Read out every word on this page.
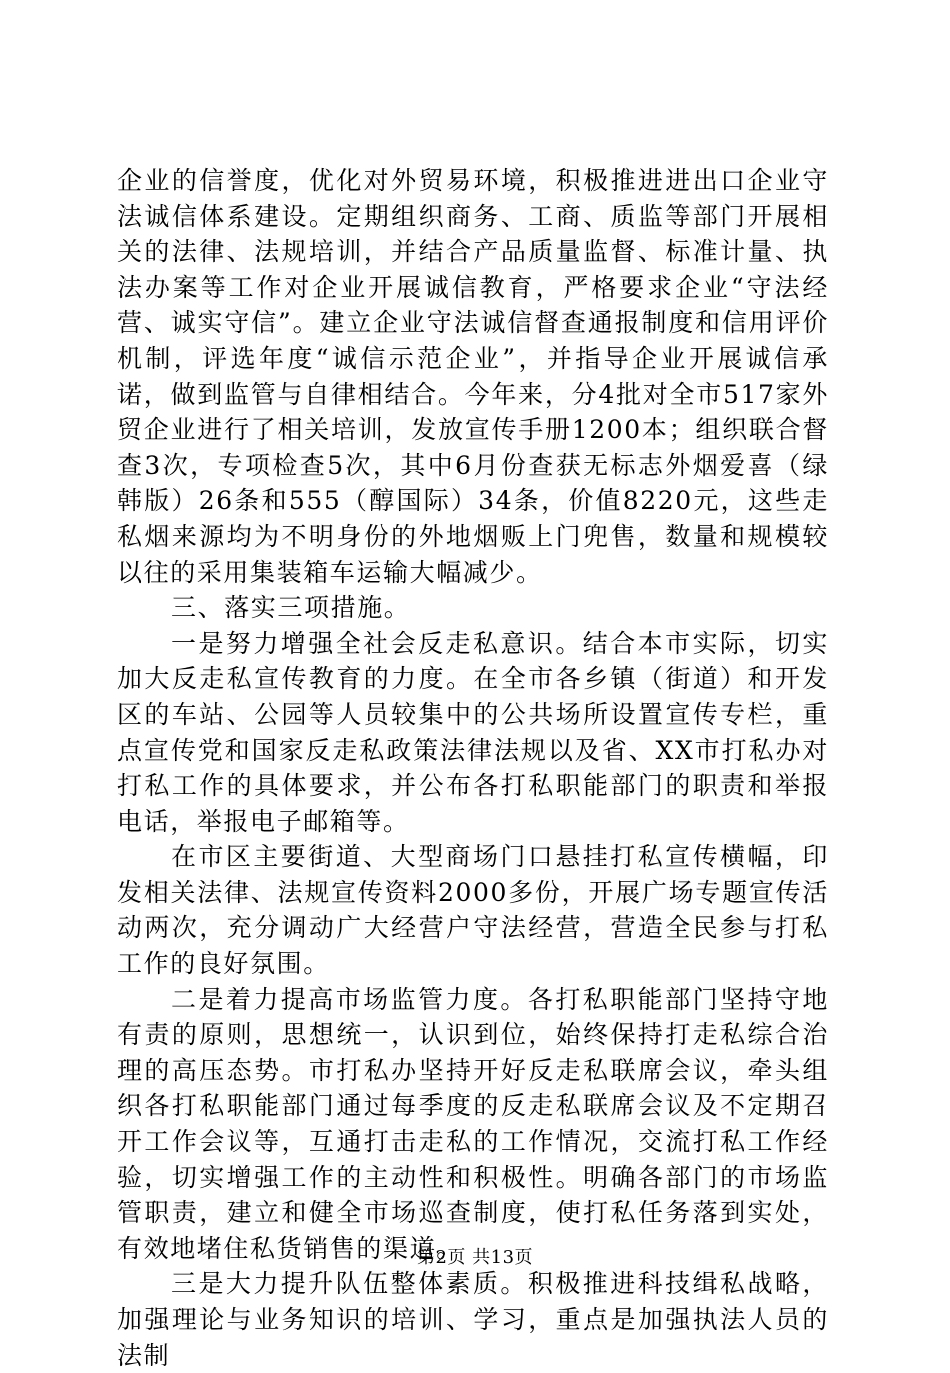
企业的信誉度，优化对外贸易环境，积极推进进出口企业守法诚信体系建设。定期组织商务、工商、质监等部门开展相关的法律、法规培训，并结合产品质量监督、标准计量、执法办案等工作对企业开展诚信教育，严格要求企业“守法经营、诚实守信”。建立企业守法诚信督查通报制度和信用评价机制，评选年度“诚信示范企业”，并指导企业开展诚信承诺，做到监管与自律相结合。今年来，分4批对全市517家外贸企业进行了相关培训，发放宣传手册1200本；组织联合督查3次，专项检查5次，其中6月份查获无标志外烟爱喜（绿韩版）26条和555（醇国际）34条，价值8220元，这些走私烟来源均为不明身份的外地烟贩上门兜售，数量和规模较以往的采用集装箱车运输大幅减少。

三、落实三项措施。

一是努力增强全社会反走私意识。结合本市实际，切实加大反走私宣传教育的力度。在全市各乡镇（街道）和开发区的车站、公园等人员较集中的公共场所设置宣传专栏，重点宣传党和国家反走私政策法律法规以及省、XX市打私办对打私工作的具体要求，并公布各打私职能部门的职责和举报电话，举报电子邮箱等。

在市区主要街道、大型商场门口悬挂打私宣传横幅，印发相关法律、法规宣传资料2000多份，开展广场专题宣传活动两次，充分调动广大经营户守法经营，营造全民参与打私工作的良好氛围。

二是着力提高市场监管力度。各打私职能部门坚持守地有责的原则，思想统一，认识到位，始终保持打走私综合治理的高压态势。市打私办坚持开好反走私联席会议，牵头组织各打私职能部门通过每季度的反走私联席会议及不定期召开工作会议等，互通打击走私的工作情况，交流打私工作经验，切实增强工作的主动性和积极性。明确各部门的市场监管职责，建立和健全市场巡查制度，使打私任务落到实处，有效地堵住私货销售的渠道。

三是大力提升队伍整体素质。积极推进科技缉私战略，加强理论与业务知识的培训、学习，重点是加强执法人员的法制

第2页 共13页
